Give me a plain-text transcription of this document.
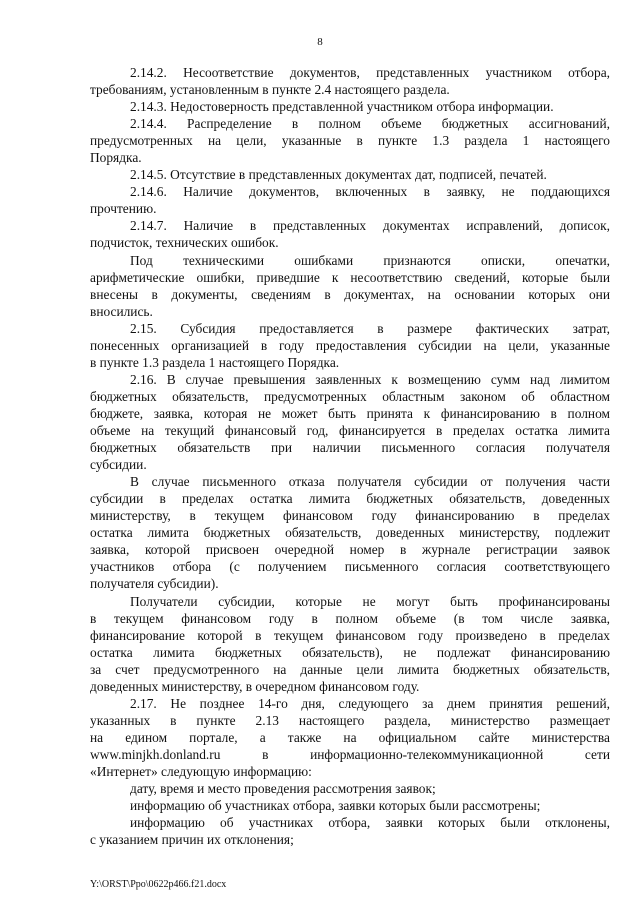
8
2.14.2. Несоответствие документов, представленных участником отбора,
требованиям, установленным в пункте 2.4 настоящего раздела.
2.14.3. Недостоверность представленной участником отбора информации.
2.14.4. Распределение в полном объеме бюджетных ассигнований,
предусмотренных на цели, указанные в пункте 1.3 раздела 1 настоящего
Порядка.
2.14.5. Отсутствие в представленных документах дат, подписей, печатей.
2.14.6. Наличие документов, включенных в заявку, не поддающихся
прочтению.
2.14.7. Наличие в представленных документах исправлений, дописок,
подчисток, технических ошибок.
Под техническими ошибками признаются описки, опечатки,
арифметические ошибки, приведшие к несоответствию сведений, которые были
внесены в документы, сведениям в документах, на основании которых они
вносились.
2.15. Субсидия предоставляется в размере фактических затрат,
понесенных организацией в году предоставления субсидии на цели, указанные
в пункте 1.3 раздела 1 настоящего Порядка.
2.16. В случае превышения заявленных к возмещению сумм над лимитом
бюджетных обязательств, предусмотренных областным законом об областном
бюджете, заявка, которая не может быть принята к финансированию в полном
объеме на текущий финансовый год, финансируется в пределах остатка лимита
бюджетных обязательств при наличии письменного согласия получателя
субсидии.
В случае письменного отказа получателя субсидии от получения части
субсидии в пределах остатка лимита бюджетных обязательств, доведенных
министерству, в текущем финансовом году финансированию в пределах
остатка лимита бюджетных обязательств, доведенных министерству, подлежит
заявка, которой присвоен очередной номер в журнале регистрации заявок
участников отбора (с получением письменного согласия соответствующего
получателя субсидии).
Получатели субсидии, которые не могут быть профинансированы
в текущем финансовом году в полном объеме (в том числе заявка,
финансирование которой в текущем финансовом году произведено в пределах
остатка лимита бюджетных обязательств), не подлежат финансированию
за счет предусмотренного на данные цели лимита бюджетных обязательств,
доведенных министерству, в очередном финансовом году.
2.17. Не позднее 14-го дня, следующего за днем принятия решений,
указанных в пункте 2.13 настоящего раздела, министерство размещает
на едином портале, а также на официальном сайте министерства
www.minjkh.donland.ru в информационно-телекоммуникационной сети
«Интернет» следующую информацию:
дату, время и место проведения рассмотрения заявок;
информацию об участниках отбора, заявки которых были рассмотрены;
информацию об участниках отбора, заявки которых были отклонены,
с указанием причин их отклонения;
Y:\ORST\Ppo\0622p466.f21.docx
